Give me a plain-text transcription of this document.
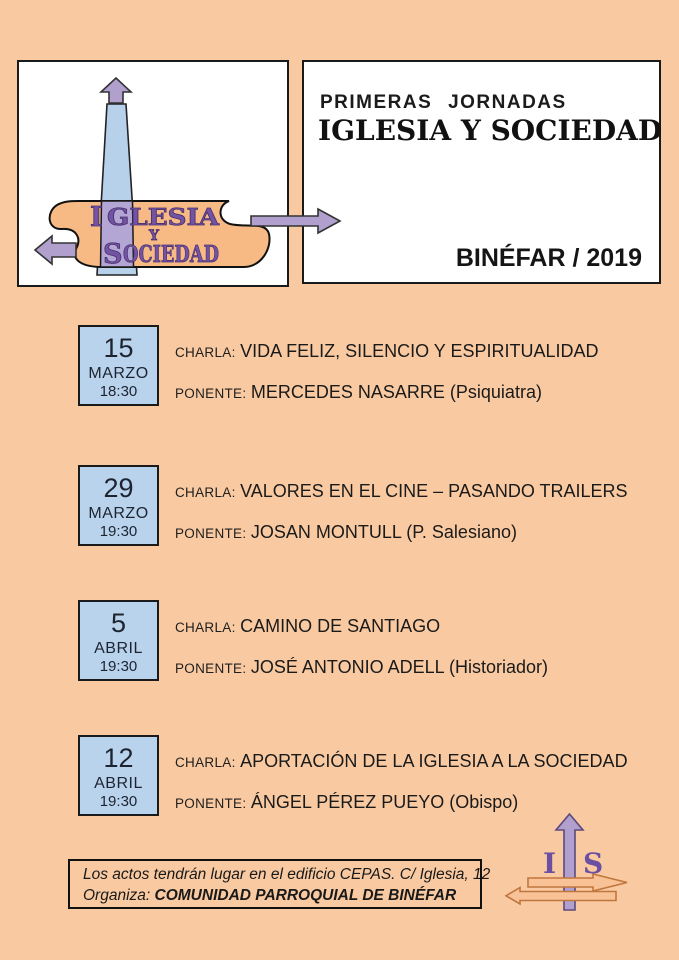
I GLESIA
Y
S OCIEDAD
PRIMERAS JORNADAS
IGLESIA Y SOCIEDAD
BINÉFAR / 2019
15
MARZO
18:30
CHARLA: VIDA FELIZ, SILENCIO Y ESPIRITUALIDAD
PONENTE: MERCEDES NASARRE (Psiquiatra)
29
MARZO
19:30
CHARLA: VALORES EN EL CINE – PASANDO TRAILERS
PONENTE: JOSAN MONTULL (P. Salesiano)
5
ABRIL
19:30
CHARLA: CAMINO DE SANTIAGO
PONENTE: JOSÉ ANTONIO ADELL (Historiador)
12
ABRIL
19:30
CHARLA: APORTACIÓN DE LA IGLESIA A LA SOCIEDAD
PONENTE: ÁNGEL PÉREZ PUEYO (Obispo)
Los actos tendrán lugar en el edificio CEPAS. C/ Iglesia, 12
Organiza: COMUNIDAD PARROQUIAL DE BINÉFAR
I S
